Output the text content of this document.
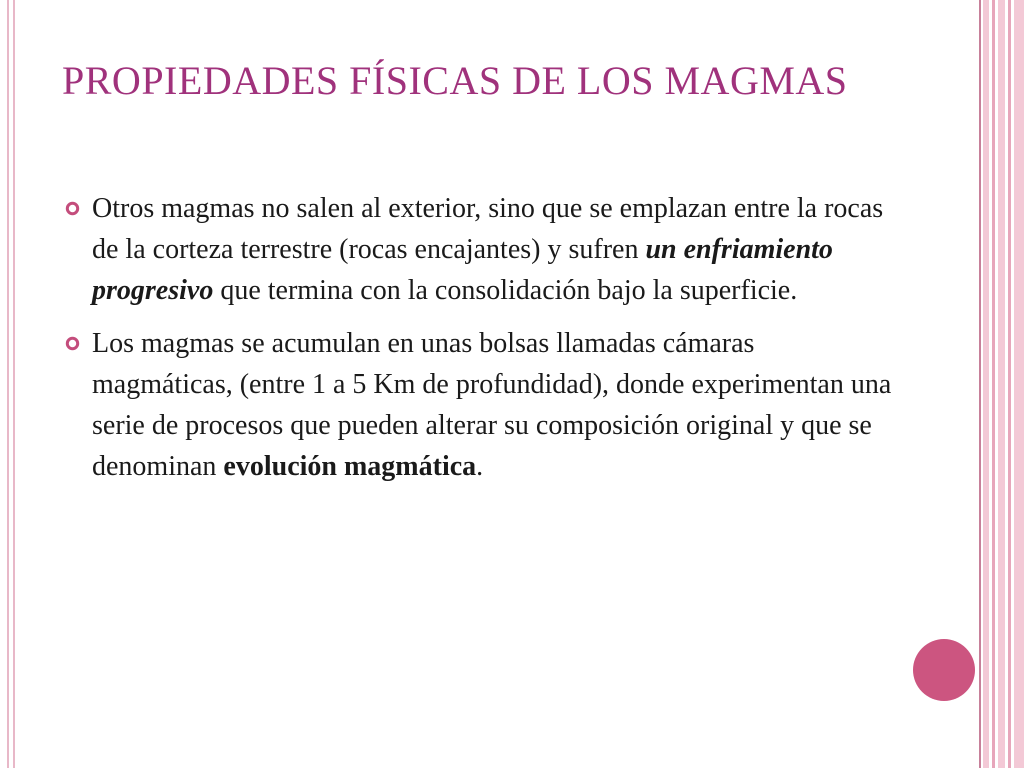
PROPIEDADES FÍSICAS DE LOS MAGMAS
Otros magmas no salen al exterior, sino que se emplazan entre la rocas de la corteza terrestre (rocas encajantes) y sufren un enfriamiento progresivo que termina con la consolidación bajo la superficie.
Los magmas se acumulan en unas bolsas llamadas cámaras magmáticas, (entre 1 a 5 Km de profundidad), donde experimentan una serie de procesos que pueden alterar su composición original y que se denominan evolución magmática.
